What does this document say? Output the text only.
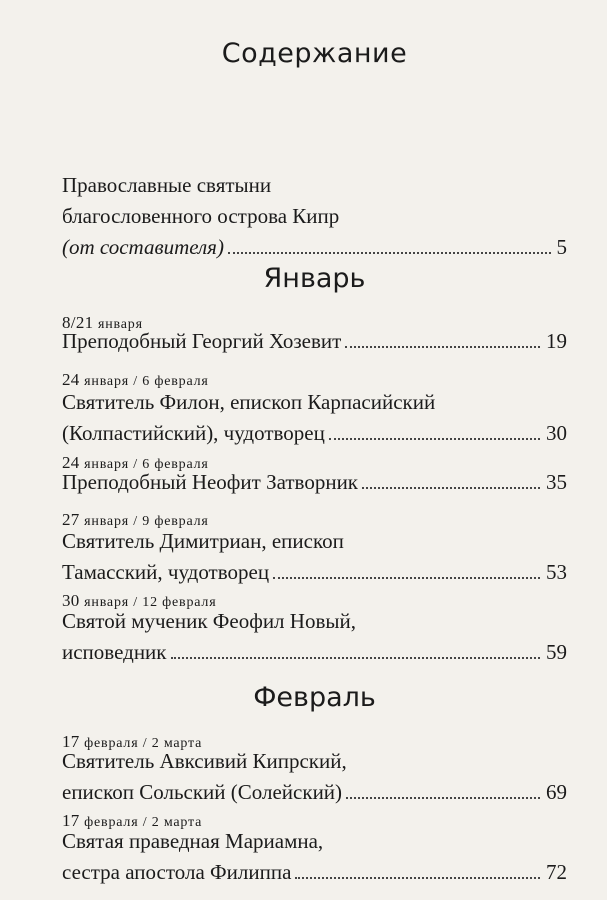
Содержание
Православные святыни
благословенного острова Кипр
(от составителя)	5
Январь
8/21 января
Преподобный Георгий Хозевит	19
24 января / 6 февраля
Святитель Филон, епископ Карпасийский
(Колпастийский), чудотворец	30
24 января / 6 февраля
Преподобный Неофит Затворник	35
27 января / 9 февраля
Святитель Димитриан, епископ
Тамасский, чудотворец	53
30 января / 12 февраля
Святой мученик Феофил Новый,
исповедник	59
Февраль
17 февраля / 2 марта
Святитель Авксивий Кипрский,
епископ Сольский (Солейский)	69
17 февраля / 2 марта
Святая праведная Мариамна,
сестра апостола Филиппа	72
